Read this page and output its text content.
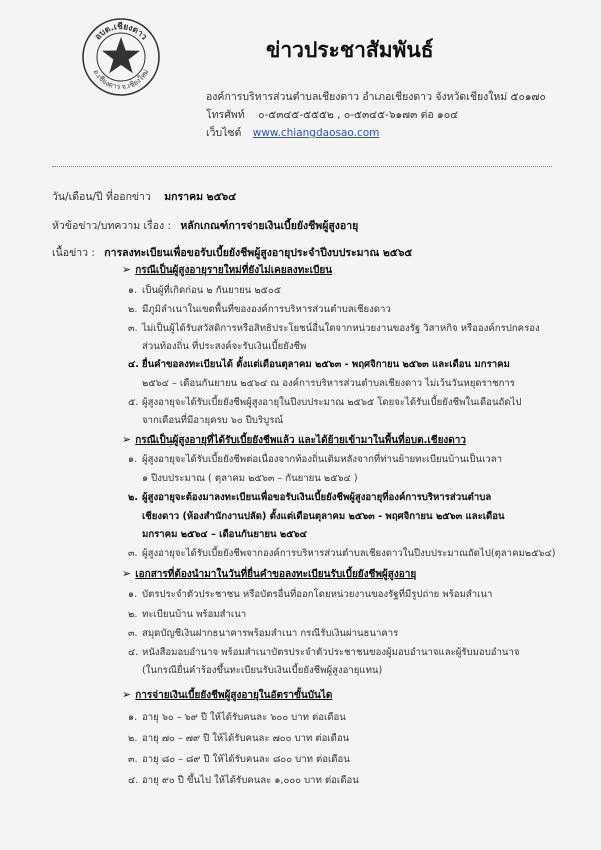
อบต.เชียงดาว
อ.เชียงดาว จ.เชียงใหม่
ข่าวประชาสัมพันธ์
องค์การบริหารส่วนตำบลเชียงดาว อำเภอเชียงดาว จังหวัดเชียงใหม่ ๕๐๑๗๐
โทรศัพท์ ๐-๕๓๔๕-๕๕๕๒ , ๐-๕๓๔๕-๖๑๗๓ ต่อ ๑๐๔
เว็บไซต์ www.chiangdaosao.com
วัน/เดือน/ปี ที่ออกข่าว มกราคม ๒๕๖๔
หัวข้อข่าว/บทความ เรื่อง : หลักเกณฑ์การจ่ายเงินเบี้ยยังชีพผู้สูงอายุ
เนื้อข่าว : การลงทะเบียนเพื่อขอรับเบี้ยยังชีพผู้สูงอายุประจำปีงบประมาณ ๒๕๖๕
➢ กรณีเป็นผู้สูงอายุรายใหม่ที่ยังไม่เคยลงทะเบียน
๑. เป็นผู้ที่เกิดก่อน ๒ กันยายน ๒๕๐๕
๒. มีภูมิลำเนาในเขตพื้นที่ขององค์การบริหารส่วนตำบลเชียงดาว
๓. ไม่เป็นผู้ได้รับสวัสดิการหรือสิทธิประโยชน์อื่นใดจากหน่วยงานของรัฐ วิสาหกิจ หรือองค์กรปกครอง
ส่วนท้องถิ่น ที่ประสงค์จะรับเงินเบี้ยยังชีพ
๔. ยื่นคำขอลงทะเบียนได้ ตั้งแต่เดือนตุลาคม ๒๕๖๓ - พฤศจิกายน ๒๕๖๓ และเดือน มกราคม
๒๕๖๔ – เดือนกันยายน ๒๕๖๔ ณ องค์การบริหารส่วนตำบลเชียงดาว ไม่เว้นวันหยุดราชการ
๕. ผู้สูงอายุจะได้รับเบี้ยยังชีพผู้สูงอายุในปีงบประมาณ ๒๕๖๕ โดยจะได้รับเบี้ยยังชีพในเดือนถัดไป
จากเดือนที่มีอายุครบ ๖๐ ปีบริบูรณ์
➢ กรณีเป็นผู้สูงอายุที่ได้รับเบี้ยยังชีพแล้ว และได้ย้ายเข้ามาในพื้นที่อบต.เชียงดาว
๑. ผู้สูงอายุจะได้รับเบี้ยยังชีพต่อเนื่องจากท้องถิ่นเดิมหลังจากที่ท่านย้ายทะเบียนบ้านเป็นเวลา
๑ ปีงบประมาณ ( ตุลาคม ๒๕๖๓ – กันยายน ๒๕๖๔ )
๒. ผู้สูงอายุจะต้องมาลงทะเบียนเพื่อขอรับเงินเบี้ยยังชีพผู้สูงอายุที่องค์การบริหารส่วนตำบล
เชียงดาว (ห้องสำนักงานปลัด) ตั้งแต่เดือนตุลาคม ๒๕๖๓ - พฤศจิกายน ๒๕๖๓ และเดือน
มกราคม ๒๕๖๔ – เดือนกันยายน ๒๕๖๔
๓. ผู้สูงอายุจะได้รับเบี้ยยังชีพจากองค์การบริหารส่วนตำบลเชียงดาวในปีงบประมาณถัดไป(ตุลาคม๒๕๖๔)
➢ เอกสารที่ต้องนำมาในวันที่ยื่นคำขอลงทะเบียนรับเบี้ยยังชีพผู้สูงอายุ
๑. บัตรประจำตัวประชาชน หรือบัตรอื่นที่ออกโดยหน่วยงานของรัฐที่มีรูปถ่าย พร้อมสำเนา
๒. ทะเบียนบ้าน พร้อมสำเนา
๓. สมุดบัญชีเงินฝากธนาคารพร้อมสำเนา กรณีรับเงินผ่านธนาคาร
๔. หนังสือมอบอำนาจ พร้อมสำเนาบัตรประจำตัวประชาชนของผู้มอบอำนาจและผู้รับมอบอำนาจ
(ในกรณียื่นคำร้องขึ้นทะเบียนรับเงินเบี้ยยังชีพผู้สูงอายุแทน)
➢ การจ่ายเงินเบี้ยยังชีพผู้สูงอายุในอัตราขั้นบันได
๑. อายุ ๖๐ – ๖๙ ปี ให้ได้รับคนละ ๖๐๐ บาท ต่อเดือน
๒. อายุ ๗๐ – ๗๙ ปี ให้ได้รับคนละ ๗๐๐ บาท ต่อเดือน
๓. อายุ ๘๐ – ๘๙ ปี ให้ได้รับคนละ ๘๐๐ บาท ต่อเดือน
๔. อายุ ๙๐ ปี ขึ้นไป ให้ได้รับคนละ ๑,๐๐๐ บาท ต่อเดือน
